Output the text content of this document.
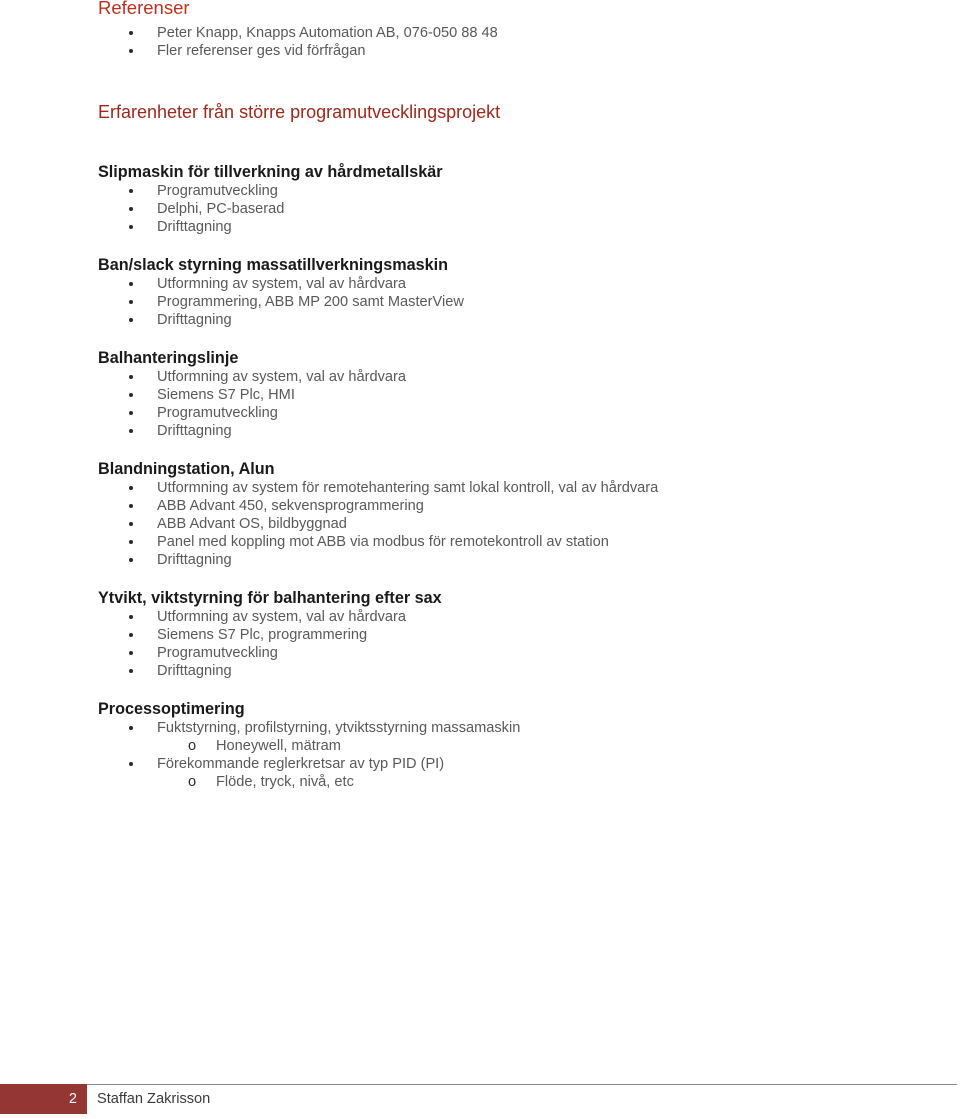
Referenser
Peter Knapp, Knapps Automation AB, 076-050 88 48
Fler referenser ges vid förfrågan
Erfarenheter från större programutvecklingsprojekt
Slipmaskin för tillverkning av hårdmetallskär
Programutveckling
Delphi, PC-baserad
Drifttagning
Ban/slack styrning massatillverkningsmaskin
Utformning av system, val av hårdvara
Programmering, ABB MP 200 samt MasterView
Drifttagning
Balhanteringslinje
Utformning av system, val av hårdvara
Siemens S7 Plc, HMI
Programutveckling
Drifttagning
Blandningstation, Alun
Utformning av system för remotehantering samt lokal kontroll, val av hårdvara
ABB Advant 450, sekvensprogrammering
ABB Advant OS, bildbyggnad
Panel med koppling mot ABB via modbus för remotekontroll av station
Drifttagning
Ytvikt, viktstyrning för balhantering efter sax
Utformning av system, val av hårdvara
Siemens S7 Plc, programmering
Programutveckling
Drifttagning
Processoptimering
Fuktstyrning, profilstyrning, ytviktsstyrning massamaskin
o Honeywell, mätram
Förekommande reglerkretsar av typ PID (PI)
o Flöde, tryck, nivå, etc
2 Staffan Zakrisson
